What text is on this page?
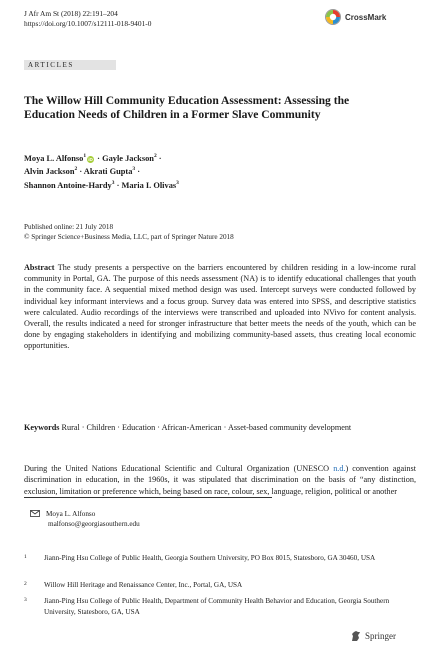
J Afr Am St (2018) 22:191–204
https://doi.org/10.1007/s12111-018-9401-0
CrossMark
ARTICLES
The Willow Hill Community Education Assessment: Assessing the Education Needs of Children in a Former Slave Community
Moya L. Alfonso$^1$iD · Gayle Jackson$^2$ ·
Alvin Jackson$^2$ · Akrati Gupta$^3$ ·
Shannon Antoine-Hardy$^3$ · Maria I. Olivas$^3$
Published online: 21 July 2018
© Springer Science+Business Media, LLC, part of Springer Nature 2018
Abstract The study presents a perspective on the barriers encountered by children residing in a low-income rural community in Portal, GA. The purpose of this needs assessment (NA) is to identify educational challenges that youth in the community face. A sequential mixed method design was used. Intercept surveys were conducted followed by individual key informant interviews and a focus group. Survey data was entered into SPSS, and descriptive statistics were calculated. Audio recordings of the interviews were transcribed and uploaded into NVivo for content analysis. Overall, the results indicated a need for stronger infrastructure that better meets the needs of the youth, which can be done by engaging stakeholders in identifying and mobilizing community-based assets, thus creating local economic opportunities.
Keywords Rural · Children · Education · African-American · Asset-based community development
During the United Nations Educational Scientific and Cultural Organization (UNESCO n.d.) convention against discrimination in education, in the 1960s, it was stipulated that discrimination on the basis of “any distinction, exclusion, limitation or preference which, being based on race, colour, sex, language, religion, political or another
Moya L. Alfonso
malfonso@georgiasouthern.edu
1	Jiann-Ping Hsu College of Public Health, Georgia Southern University, PO Box 8015, Statesboro, GA 30460, USA
2	Willow Hill Heritage and Renaissance Center, Inc., Portal, GA, USA
3	Jiann-Ping Hsu College of Public Health, Department of Community Health Behavior and Education, Georgia Southern University, Statesboro, GA, USA
Springer
